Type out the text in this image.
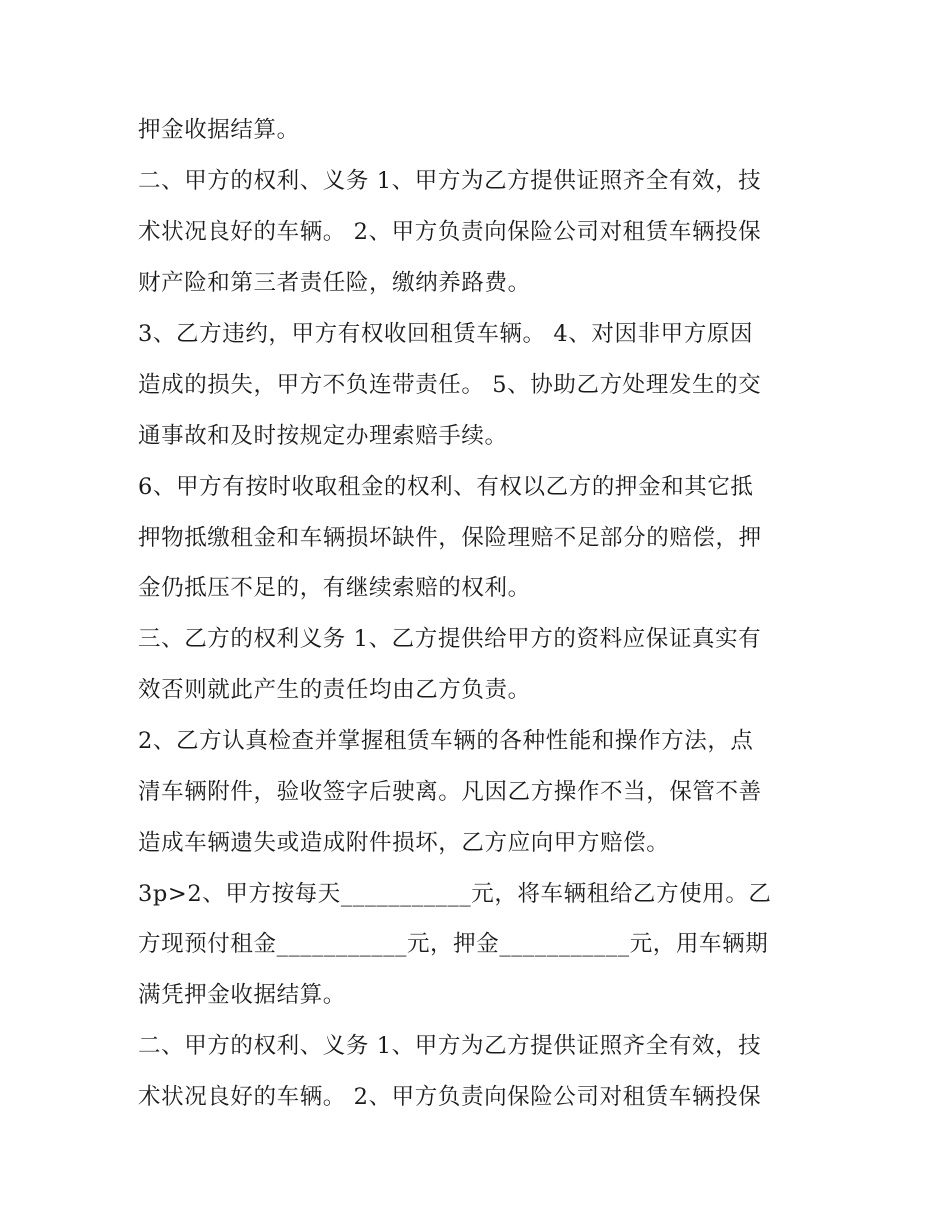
押金收据结算。
二、甲方的权利、义务 1、甲方为乙方提供证照齐全有效，技
术状况良好的车辆。 2、甲方负责向保险公司对租赁车辆投保
财产险和第三者责任险，缴纳养路费。
3、乙方违约，甲方有权收回租赁车辆。 4、对因非甲方原因
造成的损失，甲方不负连带责任。 5、协助乙方处理发生的交
通事故和及时按规定办理索赔手续。
6、甲方有按时收取租金的权利、有权以乙方的押金和其它抵
押物抵缴租金和车辆损坏缺件，保险理赔不足部分的赔偿，押
金仍抵压不足的，有继续索赔的权利。
三、乙方的权利义务 1、乙方提供给甲方的资料应保证真实有
效否则就此产生的责任均由乙方负责。
2、乙方认真检查并掌握租赁车辆的各种性能和操作方法，点
清车辆附件，验收签字后驶离。凡因乙方操作不当，保管不善
造成车辆遗失或造成附件损坏，乙方应向甲方赔偿。
3p>2、甲方按每天___________元，将车辆租给乙方使用。乙
方现预付租金___________元，押金___________元，用车辆期
满凭押金收据结算。
二、甲方的权利、义务 1、甲方为乙方提供证照齐全有效，技
术状况良好的车辆。 2、甲方负责向保险公司对租赁车辆投保
